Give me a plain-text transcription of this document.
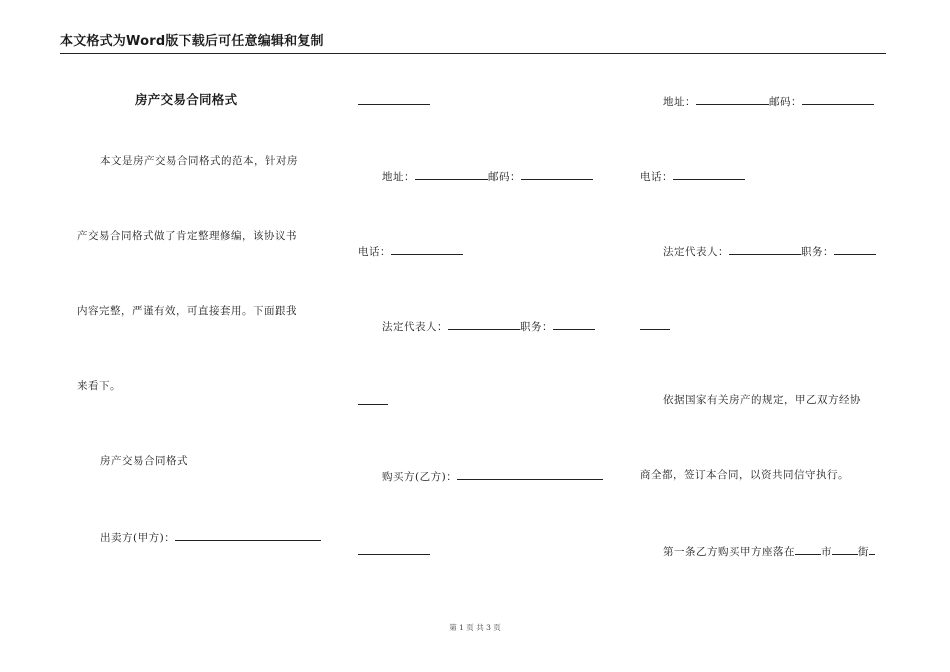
本文格式为Word版下载后可任意编辑和复制
房产交易合同格式
本文是房产交易合同格式的范本，针对房
产交易合同格式做了肯定整理修编，该协议书
内容完整，严谨有效，可直接套用。下面跟我
来看下。
房产交易合同格式
出卖方(甲方)：
地址：	邮码：
电话：
法定代表人：	职务：
购买方(乙方)：
地址：	邮码：
电话：
法定代表人：	职务：
依据国家有关房产的规定，甲乙双方经协
商全都，签订本合同，以资共同信守执行。
第一条乙方购买甲方座落在 市 街
第 1 页 共 3 页
